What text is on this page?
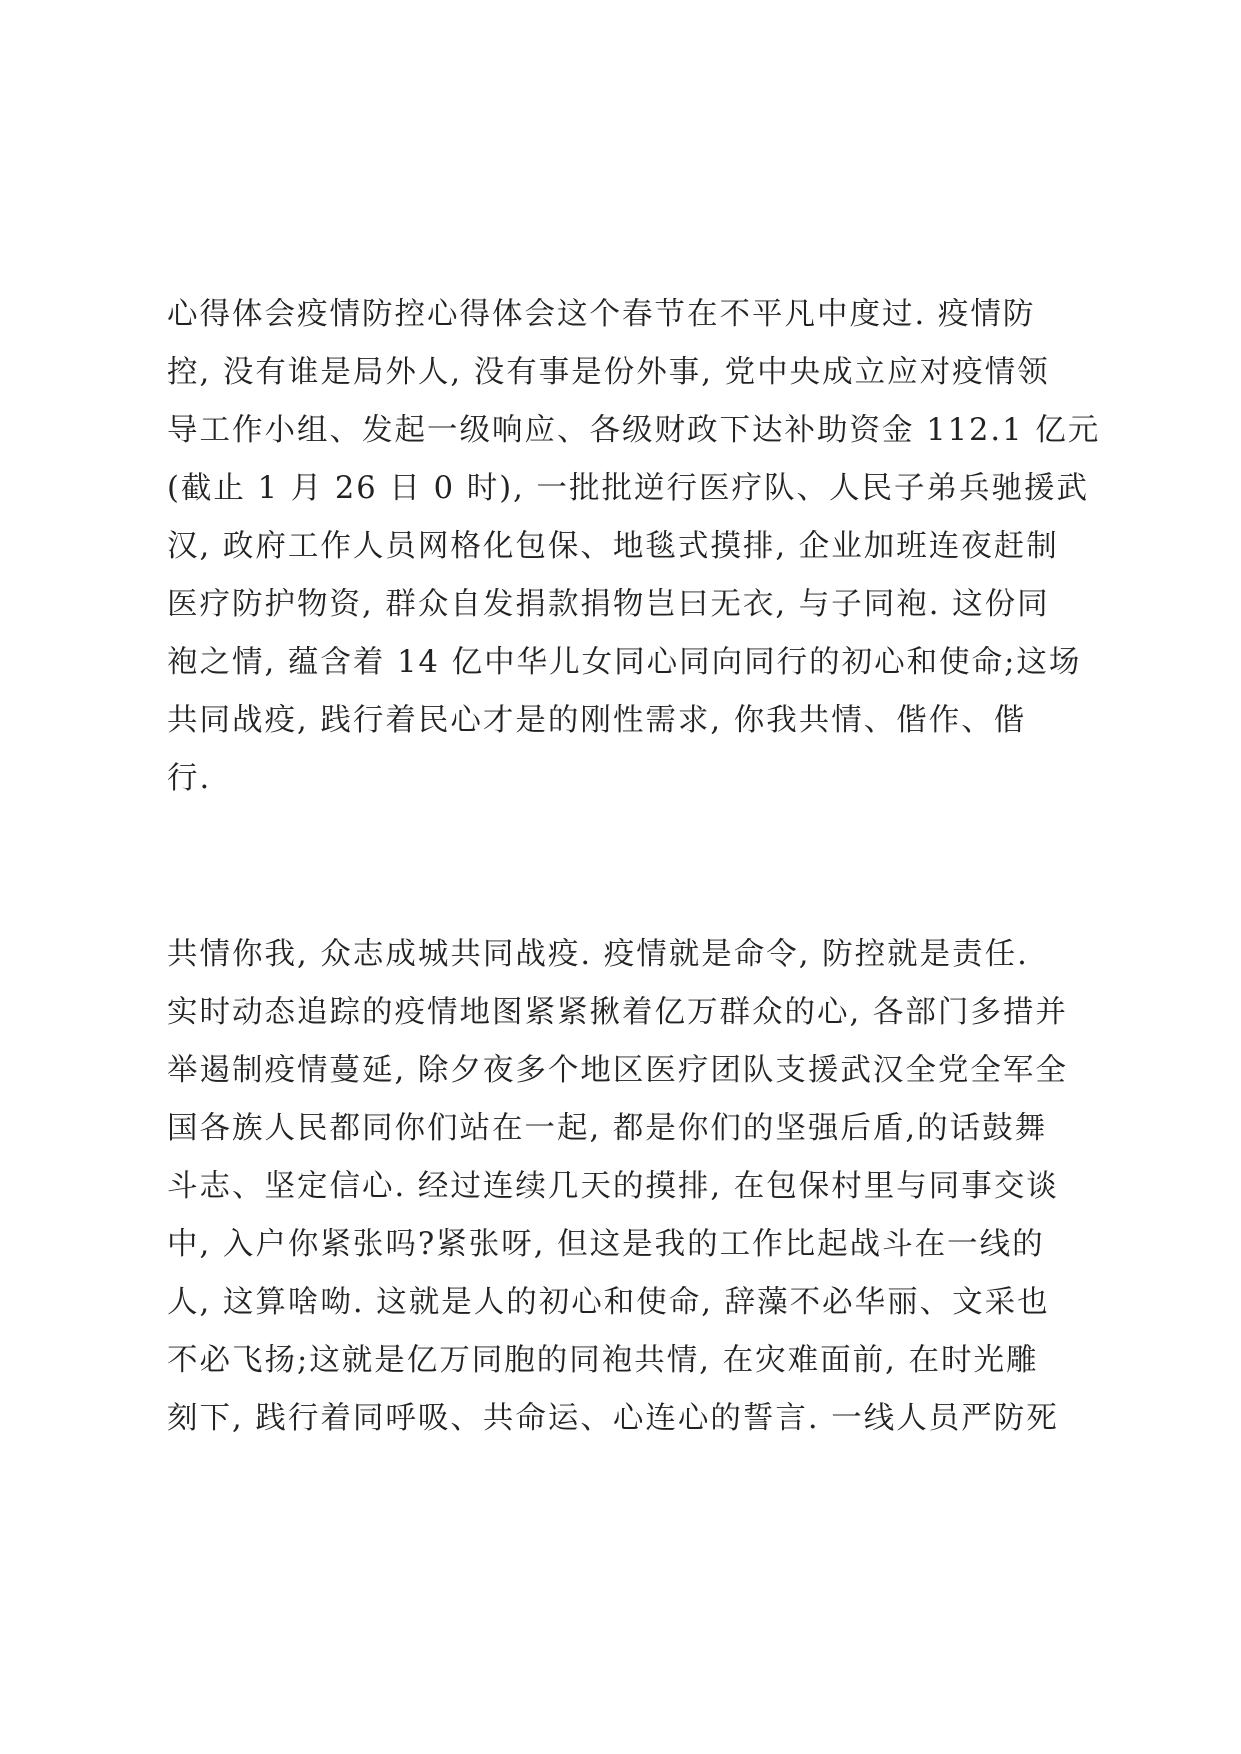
心得体会疫情防控心得体会这个春节在不平凡中度过. 疫情防
控, 没有谁是局外人, 没有事是份外事, 党中央成立应对疫情领
导工作小组、发起一级响应、各级财政下达补助资金 112.1 亿元
(截止 1 月 26 日 0 时), 一批批逆行医疗队、人民子弟兵驰援武
汉, 政府工作人员网格化包保、地毯式摸排, 企业加班连夜赶制
医疗防护物资, 群众自发捐款捐物岂曰无衣, 与子同袍. 这份同
袍之情, 蕴含着 14 亿中华儿女同心同向同行的初心和使命;这场
共同战疫, 践行着民心才是的刚性需求, 你我共情、偕作、偕
行.
共情你我, 众志成城共同战疫. 疫情就是命令, 防控就是责任.
实时动态追踪的疫情地图紧紧揪着亿万群众的心, 各部门多措并
举遏制疫情蔓延, 除夕夜多个地区医疗团队支援武汉全党全军全
国各族人民都同你们站在一起, 都是你们的坚强后盾,的话鼓舞
斗志、坚定信心. 经过连续几天的摸排, 在包保村里与同事交谈
中, 入户你紧张吗?紧张呀, 但这是我的工作比起战斗在一线的
人, 这算啥呦. 这就是人的初心和使命, 辞藻不必华丽、文采也
不必飞扬;这就是亿万同胞的同袍共情, 在灾难面前, 在时光雕
刻下, 践行着同呼吸、共命运、心连心的誓言. 一线人员严防死
